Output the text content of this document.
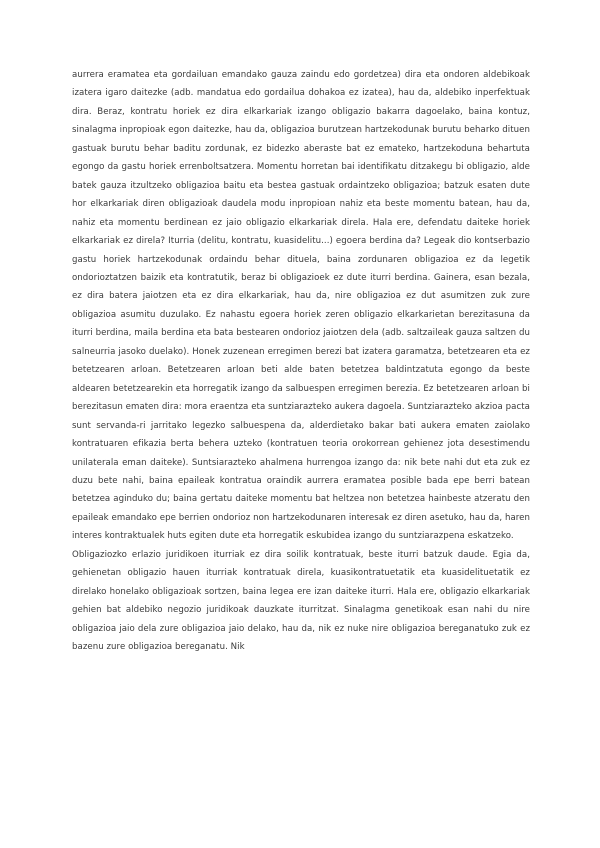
aurrera eramatea eta gordailuan emandako gauza zaindu edo gordetzea) dira eta ondoren aldebikoak izatera igaro daitezke (adb. mandatua edo gordailua dohakoa ez izatea), hau da, aldebiko inperfektuak dira. Beraz, kontratu horiek ez dira elkarkariak izango obligazio bakarra dagoelako, baina kontuz, sinalagma inpropioak egon daitezke, hau da, obligazioa burutzean hartzekodunak burutu beharko dituen gastuak burutu behar baditu zordunak, ez bidezko aberaste bat ez emateko, hartzekoduna behartuta egongo da gastu horiek errenboltsatzera. Momentu horretan bai identifikatu ditzakegu bi obligazio, alde batek gauza itzultzeko obligazioa baitu eta bestea gastuak ordaintzeko obligazioa; batzuk esaten dute hor elkarkariak diren obligazioak daudela modu inpropioan nahiz eta beste momentu batean, hau da, nahiz eta momentu berdinean ez jaio obligazio elkarkariak direla. Hala ere, defendatu daiteke horiek elkarkariak ez direla? Iturria (delitu, kontratu, kuasidelitu...) egoera berdina da? Legeak dio kontserbazio gastu horiek hartzekodunak ordaindu behar dituela, baina zordunaren obligazioa ez da legetik ondorioztatzen baizik eta kontratutik, beraz bi obligazioek ez dute iturri berdina. Gainera, esan bezala, ez dira batera jaiotzen eta ez dira elkarkariak, hau da, nire obligazioa ez dut asumitzen zuk zure obligazioa asumitu duzulako. Ez nahastu egoera horiek zeren obligazio elkarkarietan berezitasuna da iturri berdina, maila berdina eta bata bestearen ondorioz jaiotzen dela (adb. saltzaileak gauza saltzen du salneurria jasoko duelako). Honek zuzenean erregimen berezi bat izatera garamatza, betetzearen eta ez betetzearen arloan. Betetzearen arloan beti alde baten betetzea baldintzatuta egongo da beste aldearen betetzearekin eta horregatik izango da salbuespen erregimen berezia. Ez betetzearen arloan bi berezitasun ematen dira: mora eraentza eta suntziarazteko aukera dagoela. Suntziarazteko akzioa pacta sunt servanda-ri jarritako legezko salbuespena da, alderdietako bakar bati aukera ematen zaiolako kontratuaren efikazia berta behera uzteko (kontratuen teoria orokorrean gehienez jota desestimendu unilaterala eman daiteke). Suntsiarazteko ahalmena hurrengoa izango da: nik bete nahi dut eta zuk ez duzu bete nahi, baina epaileak kontratua oraindik aurrera eramatea posible bada epe berri batean betetzea aginduko du; baina gertatu daiteke momentu bat heltzea non betetzea hainbeste atzeratu den epaileak emandako epe berrien ondorioz non hartzekodunaren interesak ez diren asetuko, hau da, haren interes kontraktualek huts egiten dute eta horregatik eskubidea izango du suntziarazpena eskatzeko.

Obligaziozko erlazio juridikoen iturriak ez dira soilik kontratuak, beste iturri batzuk daude. Egia da, gehienetan obligazio hauen iturriak kontratuak direla, kuasikontratuetatik eta kuasidelituetatik ez direlako honelako obligazioak sortzen, baina legea ere izan daiteke iturri. Hala ere, obligazio elkarkariak gehien bat aldebiko negozio juridikoak dauzkate iturritzat. Sinalagma genetikoak esan nahi du nire obligazioa jaio dela zure obligazioa jaio delako, hau da, nik ez nuke nire obligazioa bereganatuko zuk ez bazenu zure obligazioa bereganatu. Nik
